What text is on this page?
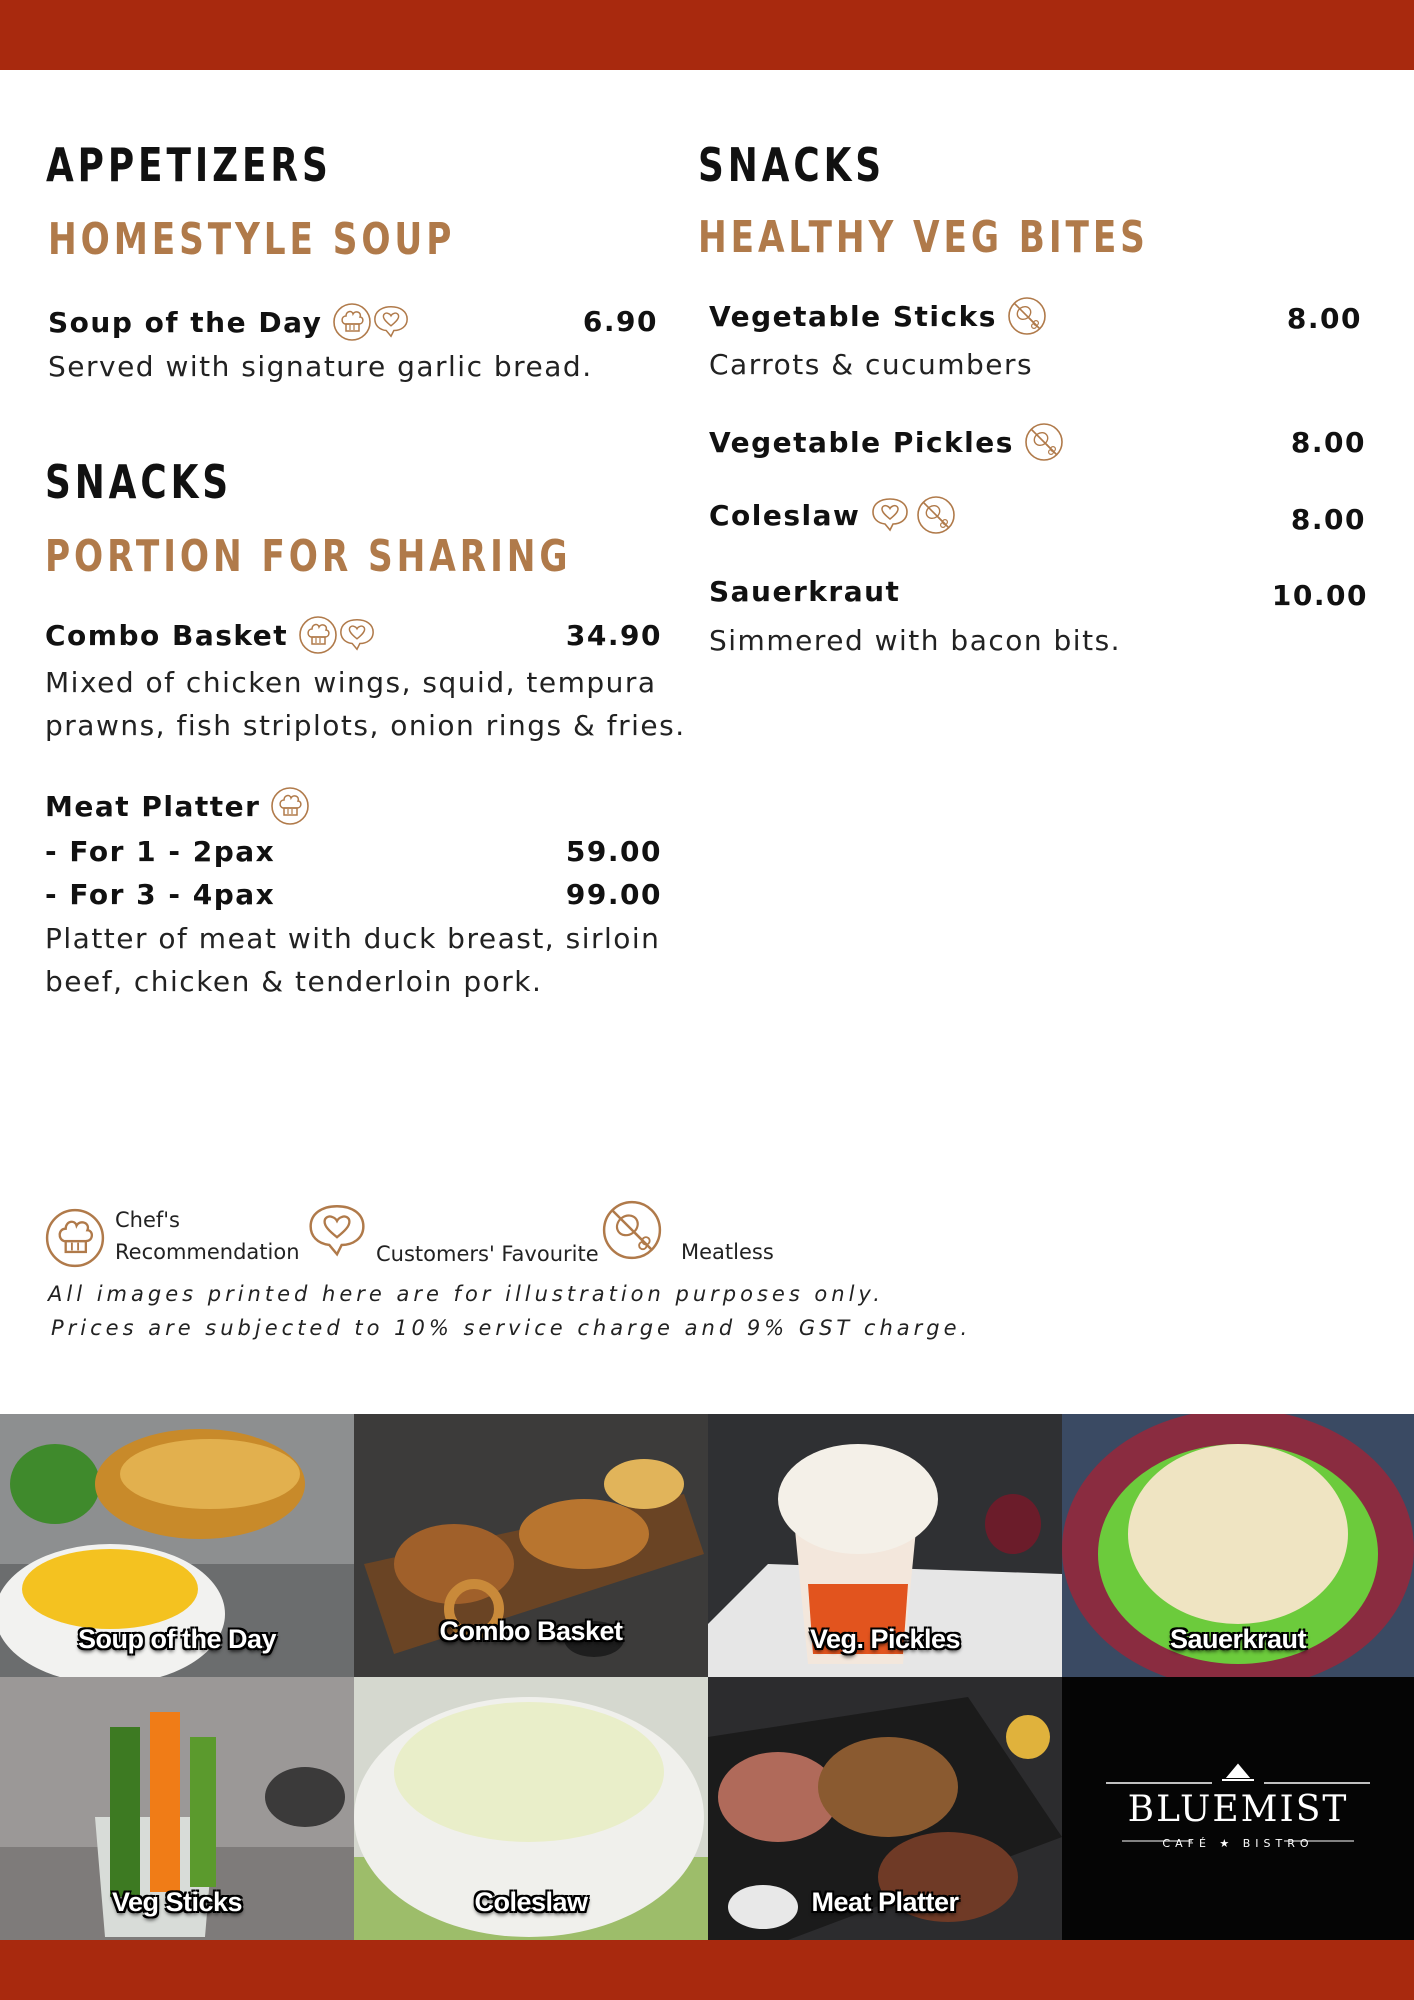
APPETIZERS
HOMESTYLE SOUP
Soup of the Day	6.90

Served with signature garlic bread.

SNACKS
PORTION FOR SHARING
Combo Basket	34.90

Mixed of chicken wings, squid, tempura

prawns, fish striplots, onion rings & fries.

Meat Platter
- For 1 - 2pax	59.00
- For 3 - 4pax	99.00

Platter of meat with duck breast, sirloin

beef, chicken & tenderloin pork.

SNACKS
HEALTHY VEG BITES
Vegetable Sticks	8.00

Carrots & cucumbers

Vegetable Pickles	8.00
Coleslaw	8.00
Sauerkraut	10.00

Simmered with bacon bits.

Chef's
Recommendation	Customers' Favourite	Meatless

All images printed here are for illustration purposes only.

Prices are subjected to 10% service charge and 9% GST charge.

Soup of the Day	Combo Basket	Veg. Pickles	Sauerkraut
Veg Sticks	Coleslaw	Meat Platter
BLUEMIST
CAFÉ ★ BISTRO
